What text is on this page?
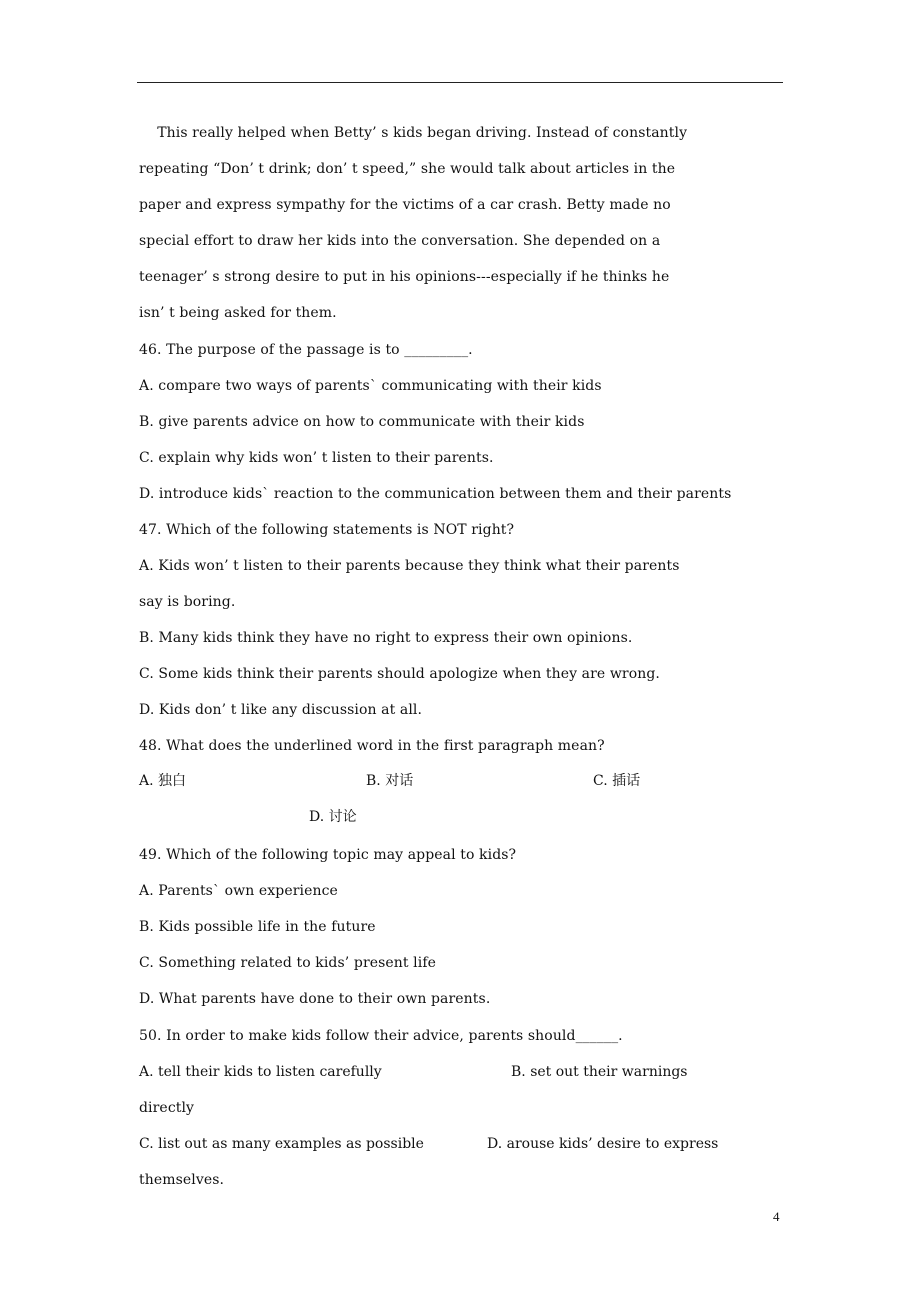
This really helped when Betty’ s kids began driving. Instead of constantly
repeating “Don’ t drink; don’ t speed,” she would talk about articles in the
paper and express sympathy for the victims of a car crash. Betty made no
special effort to draw her kids into the conversation. She depended on a
teenager’ s strong desire to put in his opinions---especially if he thinks he
isn’ t being asked for them.
46. The purpose of the passage is to _________.
A. compare two ways of parents` communicating with their kids
B. give parents advice on how to communicate with their kids
C. explain why kids won’ t listen to their parents.
D. introduce kids` reaction to the communication between them and their parents
47. Which of the following statements is NOT right?
A. Kids won’ t listen to their parents because they think what their parents
say is boring.
B. Many kids think they have no right to express their own opinions.
C. Some kids think their parents should apologize when they are wrong.
D. Kids don’ t like any discussion at all.
48. What does the underlined word in the first paragraph mean?
A. 独白	B. 对话	C. 插话
D. 讨论
49. Which of the following topic may appeal to kids?
A. Parents` own experience
B. Kids possible life in the future
C. Something related to kids’ present life
D. What parents have done to their own parents.
50. In order to make kids follow their advice, parents should______.
A. tell their kids to listen carefully	B. set out their warnings
directly
C. list out as many examples as possible	D. arouse kids’ desire to express
themselves.
4
